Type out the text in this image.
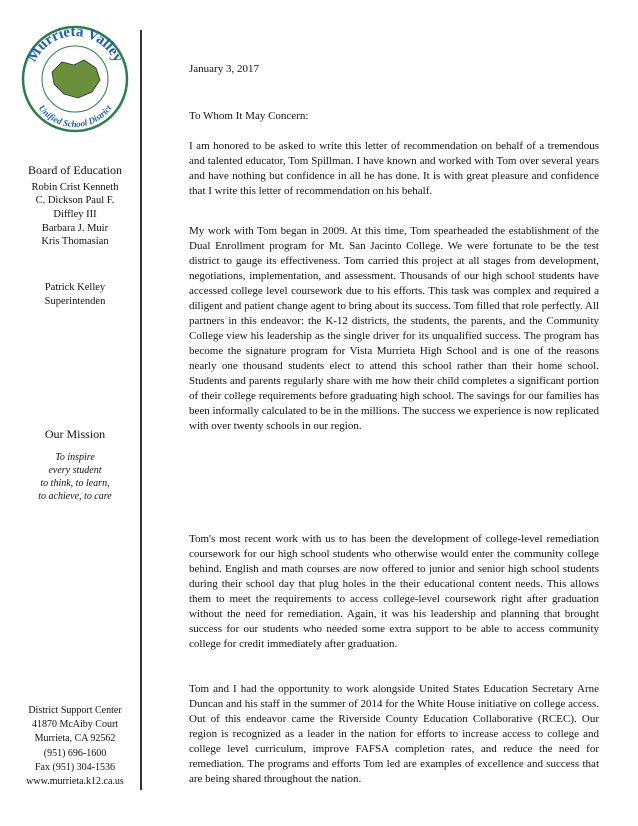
Murrieta Valley
Unified School District
Board of Education
Robin Crist Kenneth
C. Dickson Paul F.
Diffley III
Barbara J. Muir
Kris Thomasian
Patrick Kelley
Superintenden
Our Mission
To inspire
every student
to think, to learn,
to achieve, to care
District Support Center
41870 McAiby Court
Murrieta, CA 92562
(951) 696-1600
Fax (951) 304-1536
www.murrieta.k12.ca.us

January 3, 2017

To Whom It May Concern:

I am honored to be asked to write this letter of recommendation on behalf of a tremendous and talented educator, Tom Spillman. I have known and worked with Tom over several years and have nothing but confidence in all he has done. It is with great pleasure and confidence that I write this letter of recommendation on his behalf.

My work with Tom began in 2009. At this time, Tom spearheaded the establishment of the Dual Enrollment program for Mt. San Jacinto College. We were fortunate to be the test district to gauge its effectiveness. Tom carried this project at all stages from development, negotiations, implementation, and assessment. Thousands of our high school students have accessed college level coursework due to his efforts. This task was complex and required a diligent and patient change agent to bring about its success. Tom filled that role perfectly. All partners in this endeavor: the K-12 districts, the students, the parents, and the Community College view his leadership as the single driver for its unqualified success. The program has become the signature program for Vista Murrieta High School and is one of the reasons nearly one thousand students elect to attend this school rather than their home school. Students and parents regularly share with me how their child completes a significant portion of their college requirements before graduating high school. The savings for our families has been informally calculated to be in the millions. The success we experience is now replicated with over twenty schools in our region.

Tom's most recent work with us to has been the development of college-level remediation coursework for our high school students who otherwise would enter the community college behind. English and math courses are now offered to junior and senior high school students during their school day that plug holes in the their educational content needs. This allows them to meet the requirements to access college-level coursework right after graduation without the need for remediation. Again, it was his leadership and planning that brought success for our students who needed some extra support to be able to access community college for credit immediately after graduation.

Tom and I had the opportunity to work alongside United States Education Secretary Arne Duncan and his staff in the summer of 2014 for the White House initiative on college access. Out of this endeavor came the Riverside County Education Collaborative (RCEC). Our region is recognized as a leader in the nation for efforts to increase access to college and college level curriculum, improve FAFSA completion rates, and reduce the need for remediation. The programs and efforts Tom led are examples of excellence and success that are being shared throughout the nation.
